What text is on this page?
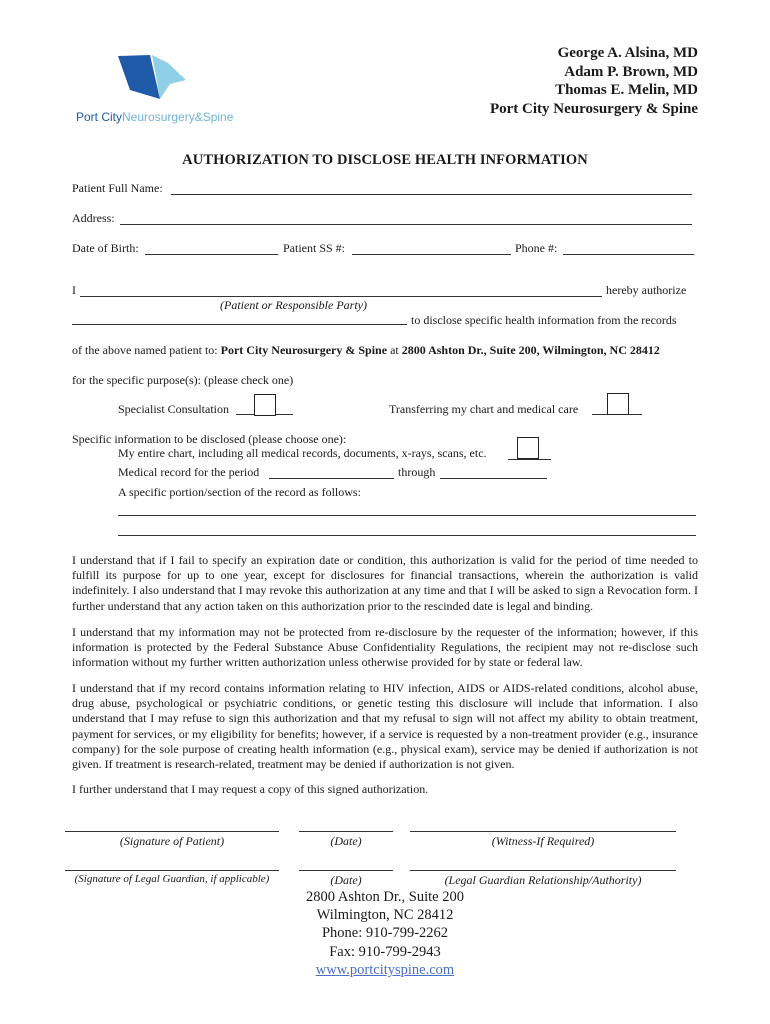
Port CityNeurosurgery&Spine
George A. Alsina, MD
Adam P. Brown, MD
Thomas E. Melin, MD
Port City Neurosurgery & Spine
AUTHORIZATION TO DISCLOSE HEALTH INFORMATION
Patient Full Name:
Address:
Date of Birth:	Patient SS #:	Phone #:
I	hereby authorize
(Patient or Responsible Party)
to disclose specific health information from the records
of the above named patient to: Port City Neurosurgery & Spine at 2800 Ashton Dr., Suite 200, Wilmington, NC 28412
for the specific purpose(s): (please check one)
Specialist Consultation	Transferring my chart and medical care
Specific information to be disclosed (please choose one):
My entire chart, including all medical records, documents, x-rays, scans, etc.
Medical record for the period	through
A specific portion/section of the record as follows:
I understand that if I fail to specify an expiration date or condition, this authorization is valid for the period of time needed to fulfill its purpose for up to one year, except for disclosures for financial transactions, wherein the authorization is valid indefinitely. I also understand that I may revoke this authorization at any time and that I will be asked to sign a Revocation form. I further understand that any action taken on this authorization prior to the rescinded date is legal and binding.
I understand that my information may not be protected from re-disclosure by the requester of the information; however, if this information is protected by the Federal Substance Abuse Confidentiality Regulations, the recipient may not re-disclose such information without my further written authorization unless otherwise provided for by state or federal law.
I understand that if my record contains information relating to HIV infection, AIDS or AIDS-related conditions, alcohol abuse, drug abuse, psychological or psychiatric conditions, or genetic testing this disclosure will include that information. I also understand that I may refuse to sign this authorization and that my refusal to sign will not affect my ability to obtain treatment, payment for services, or my eligibility for benefits; however, if a service is requested by a non-treatment provider (e.g., insurance company) for the sole purpose of creating health information (e.g., physical exam), service may be denied if authorization is not given. If treatment is research-related, treatment may be denied if authorization is not given.
I further understand that I may request a copy of this signed authorization.
(Signature of Patient)	(Date)	(Witness-If Required)
(Signature of Legal Guardian, if applicable)	(Date)	(Legal Guardian Relationship/Authority)
2800 Ashton Dr., Suite 200
Wilmington, NC 28412
Phone: 910-799-2262
Fax: 910-799-2943
www.portcityspine.com
